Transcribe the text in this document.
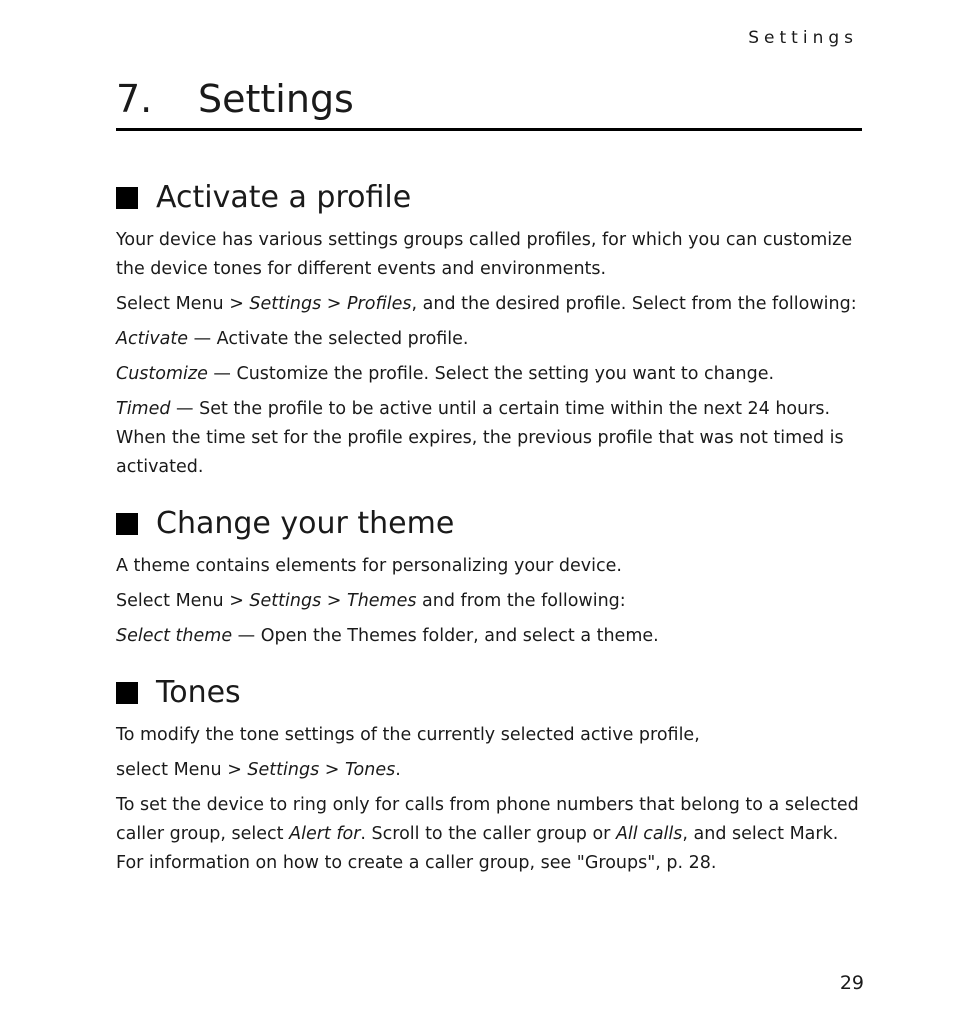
Settings
7. Settings
Activate a profile

Your device has various settings groups called profiles, for which you can customize the device tones for different events and environments.

Select Menu > Settings > Profiles, and the desired profile. Select from the following:

Activate — Activate the selected profile.

Customize — Customize the profile. Select the setting you want to change.

Timed — Set the profile to be active until a certain time within the next 24 hours. When the time set for the profile expires, the previous profile that was not timed is activated.

Change your theme

A theme contains elements for personalizing your device.

Select Menu > Settings > Themes and from the following:

Select theme — Open the Themes folder, and select a theme.

Tones

To modify the tone settings of the currently selected active profile,

select Menu > Settings > Tones.

To set the device to ring only for calls from phone numbers that belong to a selected caller group, select Alert for. Scroll to the caller group or All calls, and select Mark. For information on how to create a caller group, see "Groups", p. 28.

29
